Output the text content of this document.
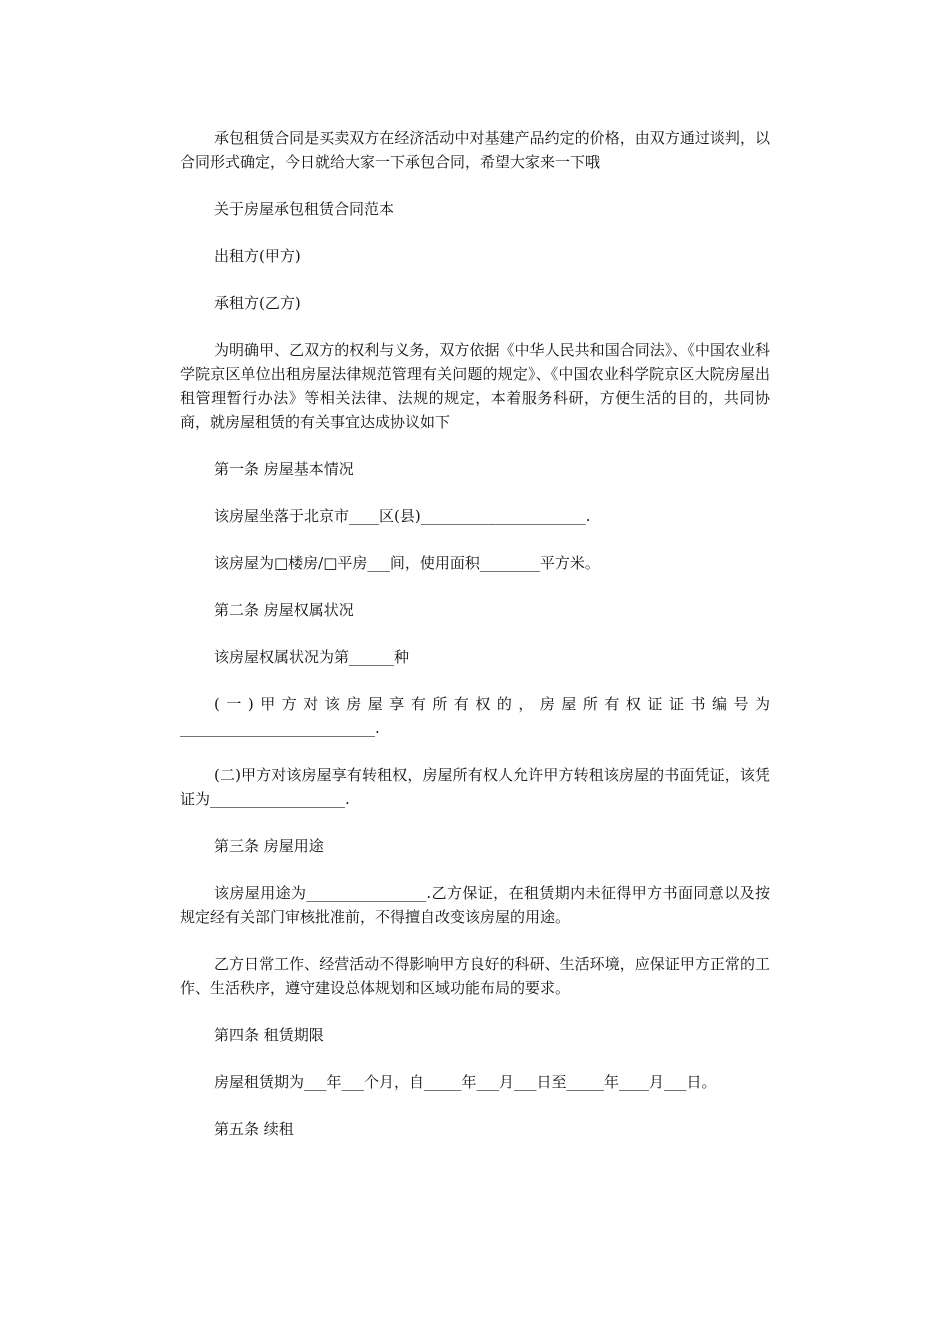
承包租赁合同是买卖双方在经济活动中对基建产品约定的价格，由双方通过谈判，以合同形式确定，今日就给大家一下承包合同，希望大家来一下哦

关于房屋承包租赁合同范本

出租方(甲方)

承租方(乙方)

为明确甲、乙双方的权利与义务，双方依据《中华人民共和国合同法》、《中国农业科学院京区单位出租房屋法律规范管理有关问题的规定》、《中国农业科学院京区大院房屋出租管理暂行办法》等相关法律、法规的规定，本着服务科研，方便生活的目的，共同协商，就房屋租赁的有关事宜达成协议如下

第一条 房屋基本情况

该房屋坐落于北京市____区(县)______________________.

该房屋为□楼房/□平房___间，使用面积________平方米。

第二条 房屋权属状况

该房屋权属状况为第______种

(一)甲方对该房屋享有所有权的，房屋所有权证证书编号为__________________________.

(二)甲方对该房屋享有转租权，房屋所有权人允许甲方转租该房屋的书面凭证，该凭证为__________________.

第三条 房屋用途

该房屋用途为________________.乙方保证，在租赁期内未征得甲方书面同意以及按规定经有关部门审核批准前，不得擅自改变该房屋的用途。

乙方日常工作、经营活动不得影响甲方良好的科研、生活环境，应保证甲方正常的工作、生活秩序，遵守建设总体规划和区域功能布局的要求。

第四条 租赁期限

房屋租赁期为___年___个月，自_____年___月___日至_____年____月___日。

第五条 续租
